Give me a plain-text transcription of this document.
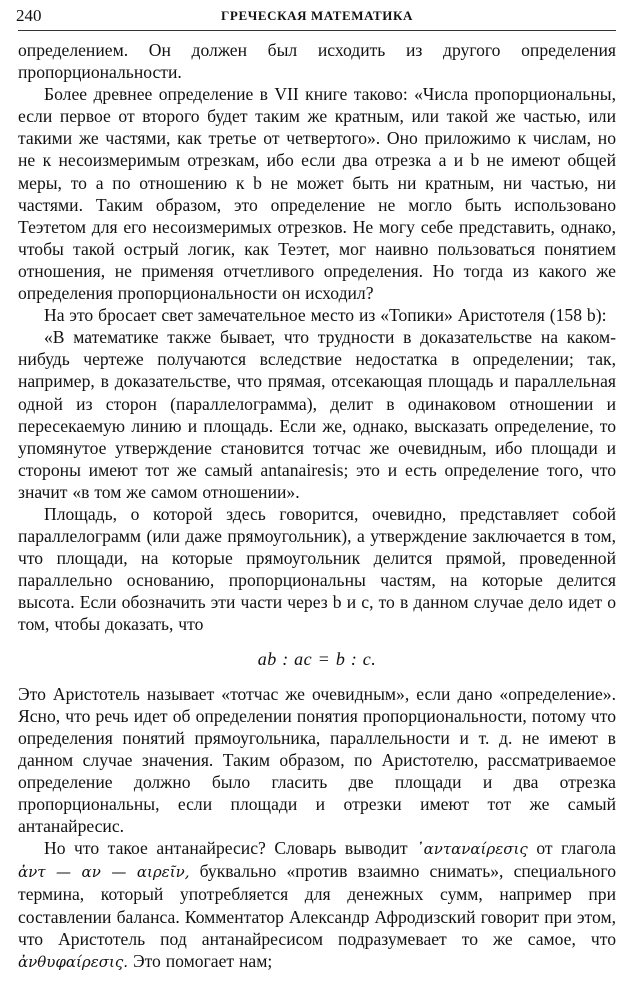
240	ГРЕЧЕСКАЯ МАТЕМАТИКА

определением. Он должен был исходить из другого определения пропорциональности.

Более древнее определение в VII книге таково: «Числа пропорциональны, если первое от второго будет таким же кратным, или такой же частью, или такими же частями, как третье от четвертого». Оно приложимо к числам, но не к несоизмеримым отрезкам, ибо если два отрезка a и b не имеют общей меры, то a по отношению к b не может быть ни кратным, ни частью, ни частями. Таким образом, это определение не могло быть использовано Теэтетом для его несоизмеримых отрезков. Не могу себе представить, однако, чтобы такой острый логик, как Теэтет, мог наивно пользоваться понятием отношения, не применяя отчетливого определения. Но тогда из какого же определения пропорциональности он исходил?

На это бросает свет замечательное место из «Топики» Аристотеля (158 b):

«В математике также бывает, что трудности в доказательстве на каком-нибудь чертеже получаются вследствие недостатка в определении; так, например, в доказательстве, что прямая, отсекающая площадь и параллельная одной из сторон (параллелограмма), делит в одинаковом отношении и пересекаемую линию и площадь. Если же, однако, высказать определение, то упомянутое утверждение становится тотчас же очевидным, ибо площади и стороны имеют тот же самый antanairesis; это и есть определение того, что значит «в том же самом отношении».

Площадь, о которой здесь говорится, очевидно, представляет собой параллелограмм (или даже прямоугольник), а утверждение заключается в том, что площади, на которые прямоугольник делится прямой, проведенной параллельно основанию, пропорциональны частям, на которые делится высота. Если обозначить эти части через b и c, то в данном случае дело идет о том, чтобы доказать, что

ab : ac = b : c.

Это Аристотель называет «тотчас же очевидным», если дано «определение». Ясно, что речь идет об определении понятия пропорциональности, потому что определения понятий прямоугольника, параллельности и т. д. не имеют в данном случае значения. Таким образом, по Аристотелю, рассматриваемое определение должно было гласить две площади и два отрезка пропорциональны, если площади и отрезки имеют тот же самый антанайресис.

Но что такое антанайресис? Словарь выводит ᾽ανταναίρεσις от глагола ἀντ — αν — αιρεῖν, буквально «против взаимно снимать», специального термина, который употребляется для денежных сумм, например при составлении баланса. Комментатор Александр Афродизский говорит при этом, что Аристотель под антанайресисом подразумевает то же самое, что ἀνθυφαίρεσις. Это помогает нам;
